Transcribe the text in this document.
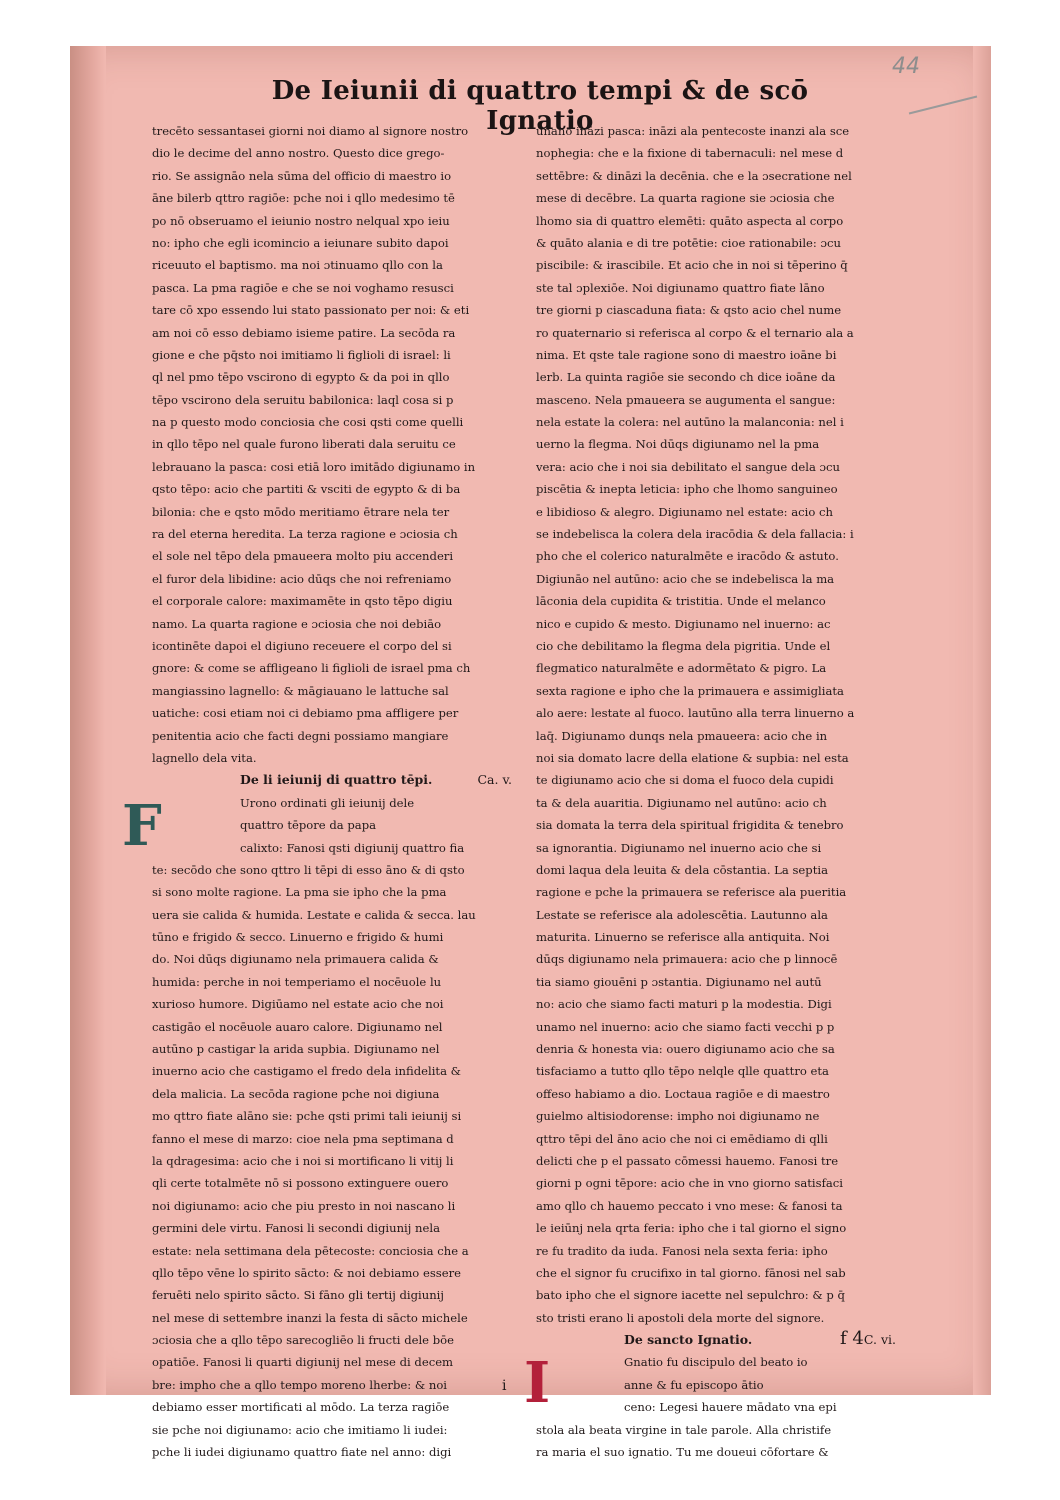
44
De Ieiunii di quattro tempi & de scō Ignatio
trecēto sessantasei giorni noi diamo al signore nostro
dio le decime del anno nostro. Questo dice grego-
rio. Se assignāo nela sūma del officio di maestro io
āne bilerb qttro ragiōe: pche noi i qllo medesimo tē
po nō obseruamo el ieiunio nostro nelqual xpo ieiu
no: ipho che egli icomincio a ieiunare subito dapoi
riceuuto el baptismo. ma noi ɔtinuamo qllo con la
pasca. La pma ragiōe e che se noi voghamo resusci
tare cō xpo essendo lui stato passionato per noi: & eti
am noi cō esso debiamo isieme patire. La secōda ra
gione e che pq̄sto noi imitiamo li figlioli di israel: li
ql nel pmo tēpo vscirono di egypto & da poi in qllo
tēpo vscirono dela seruitu babilonica: laql cosa si p
na p questo modo conciosia che cosi qsti come quelli
in qllo tēpo nel quale furono liberati dala seruitu ce
lebrauano la pasca: cosi etiā loro imitādo digiunamo in
qsto tēpo: acio che partiti & vsciti de egypto & di ba
bilonia: che e qsto mōdo meritiamo ētrare nela ter
ra del eterna heredita. La terza ragione e ɔciosia ch
el sole nel tēpo dela pmaueera molto piu accenderi
el furor dela libidine: acio dūqs che noi refreniamo
el corporale calore: maximamēte in qsto tēpo digiu
namo. La quarta ragione e ɔciosia che noi debiāo
icontinēte dapoi el digiuno receuere el corpo del si
gnore: & come se affligeano li figlioli de israel pma ch
mangiassino lagnello: & māgiauano le lattuche sal
uatiche: cosi etiam noi ci debiamo pma affligere per
penitentia acio che facti degni possiamo mangiare
lagnello dela vita.
De li ieiunij di quattro tēpi.	Ca. v.
F	Urono ordinati gli ieiunij dele
quattro tēpore da papa
calixto: Fanosi qsti digiunij quattro fia
te: secōdo che sono qttro li tēpi di esso āno & di qsto
si sono molte ragione. La pma sie ipho che la pma
uera sie calida & humida. Lestate e calida & secca. lau
tūno e frigido & secco. Linuerno e frigido & humi
do. Noi dūqs digiunamo nela primauera calida &
humida: perche in noi temperiamo el nocēuole lu
xurioso humore. Digiūamo nel estate acio che noi
castigāo el nocēuole auaro calore. Digiunamo nel
autūno p castigar la arida supbia. Digiunamo nel
inuerno acio che castigamo el fredo dela infidelita &
dela malicia. La secōda ragione pche noi digiuna
mo qttro fiate alāno sie: pche qsti primi tali ieiunij si
fanno el mese di marzo: cioe nela pma septimana d
la qdragesima: acio che i noi si mortificano li vitij li
qli certe totalmēte nō si possono extinguere ouero
noi digiunamo: acio che piu presto in noi nascano li
germini dele virtu. Fanosi li secondi digiunij nela
estate: nela settimana dela pētecoste: conciosia che a
qllo tēpo vēne lo spirito sācto: & noi debiamo essere
feruēti nelo spirito sācto. Si fāno gli tertij digiunij
nel mese di settembre inanzi la festa di sācto michele
ɔciosia che a qllo tēpo sarecogliēo li fructi dele bōe
opatiōe. Fanosi li quarti digiunij nel mese di decem
bre: impho che a qllo tempo moreno lherbe: & noi
debiamo esser mortificati al mōdo. La terza ragiōe
sie pche noi digiunamo: acio che imitiamo li iudei:
pche li iudei digiunamo quattro fiate nel anno: digi
unano ināzi pasca: ināzi ala pentecoste inanzi ala sce
nophegia: che e la fixione di tabernaculi: nel mese d
settēbre: & dināzi la decēnia. che e la ɔsecratione nel
mese di decēbre. La quarta ragione sie ɔciosia che
lhomo sia di quattro elemēti: quāto aspecta al corpo
& quāto alania e di tre potētie: cioe rationabile: ɔcu
piscibile: & irascibile. Et acio che in noi si tēperino q̄
ste tal ɔplexiōe. Noi digiunamo quattro fiate lāno
tre giorni p ciascaduna fiata: & qsto acio chel nume
ro quaternario si referisca al corpo & el ternario ala a
nima. Et qste tale ragione sono di maestro ioāne bi
lerb. La quinta ragiōe sie secondo ch dice ioāne da
masceno. Nela pmaueera se augumenta el sangue:
nela estate la colera: nel autūno la malanconia: nel i
uerno la flegma. Noi dūqs digiunamo nel la pma
vera: acio che i noi sia debilitato el sangue dela ɔcu
piscētia & inepta leticia: ipho che lhomo sanguineo
e libidioso & alegro. Digiunamo nel estate: acio ch
se indebelisca la colera dela iracōdia & dela fallacia: i
pho che el colerico naturalmēte e iracōdo & astuto.
Digiunāo nel autūno: acio che se indebelisca la ma
lāconia dela cupidita & tristitia. Unde el melanco
nico e cupido & mesto. Digiunamo nel inuerno: ac
cio che debilitamo la flegma dela pigritia. Unde el
flegmatico naturalmēte e adormētato & pigro. La
sexta ragione e ipho che la primauera e assimigliata
alo aere: lestate al fuoco. lautūno alla terra linuerno a
laq̄. Digiunamo dunqs nela pmaueera: acio che in
noi sia domato lacre della elatione & supbia: nel esta
te digiunamo acio che si doma el fuoco dela cupidi
ta & dela auaritia. Digiunamo nel autūno: acio ch
sia domata la terra dela spiritual frigidita & tenebro
sa ignorantia. Digiunamo nel inuerno acio che si
domi laqua dela leuita & dela cōstantia. La septia
ragione e pche la primauera se referisce ala pueritia
Lestate se referisce ala adolescētia. Lautunno ala
maturita. Linuerno se referisce alla antiquita. Noi
dūqs digiunamo nela primauera: acio che p linnocē
tia siamo giouēni p ɔstantia. Digiunamo nel autū
no: acio che siamo facti maturi p la modestia. Digi
unamo nel inuerno: acio che siamo facti vecchi p p
denria & honesta via: ouero digiunamo acio che sa
tisfaciamo a tutto qllo tēpo nelqle qlle quattro eta
offeso habiamo a dio. Loctaua ragiōe e di maestro
guielmo altisiodorense: impho noi digiunamo ne
qttro tēpi del āno acio che noi ci emēdiamo di qlli
delicti che p el passato cōmessi hauemo. Fanosi tre
giorni p ogni tēpore: acio che in vno giorno satisfaci
amo qllo ch hauemo peccato i vno mese: & fanosi ta
le ieiūnj nela qrta feria: ipho che i tal giorno el signo
re fu tradito da iuda. Fanosi nela sexta feria: ipho
che el signor fu crucifixo in tal giorno. fānosi nel sab
bato ipho che el signore iacette nel sepulchro: & p q̄
sto tristi erano li apostoli dela morte del signore.
De sancto Ignatio.	C. vi.
i I	Gnatio fu discipulo del beato io
anne & fu episcopo ātio
ceno: Legesi hauere mādato vna epi
stola ala beata virgine in tale parole. Alla christife
ra maria el suo ignatio. Tu me doueui cōfortare &
f 4
